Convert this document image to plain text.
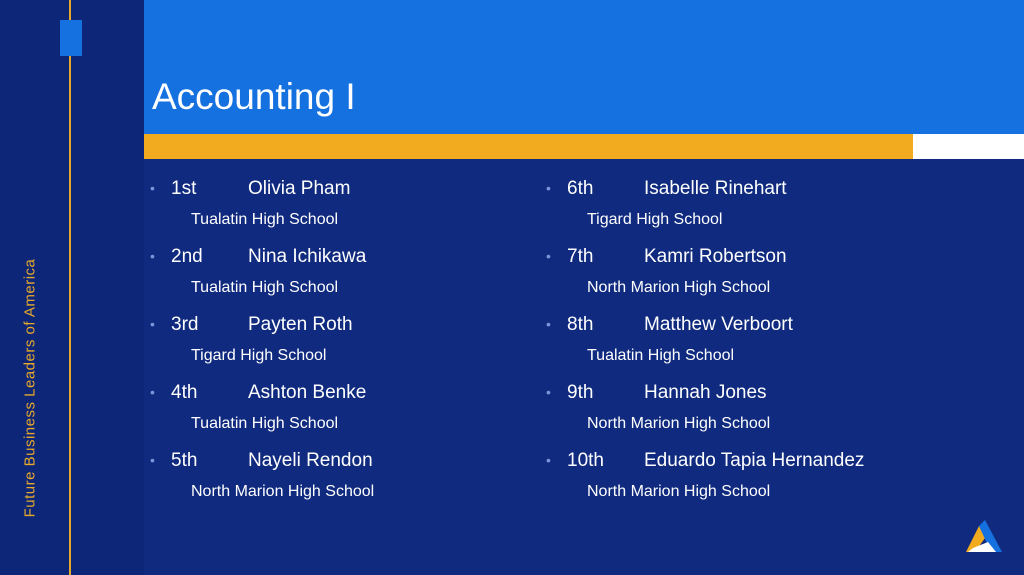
Future Business Leaders of America
Accounting I
• 1st	Olivia Pham
Tualatin High School
• 2nd Nina Ichikawa
Tualatin High School
• 3rd	Payten Roth
Tigard High School
• 4th	Ashton Benke
Tualatin High School
• 5th	Nayeli Rendon
North Marion High School
• 6th	Isabelle Rinehart
Tigard High School
• 7th	Kamri Robertson
North Marion High School
• 8th	Matthew Verboort
Tualatin High School
• 9th	Hannah Jones
North Marion High School
• 10th Eduardo Tapia Hernandez
North Marion High School
